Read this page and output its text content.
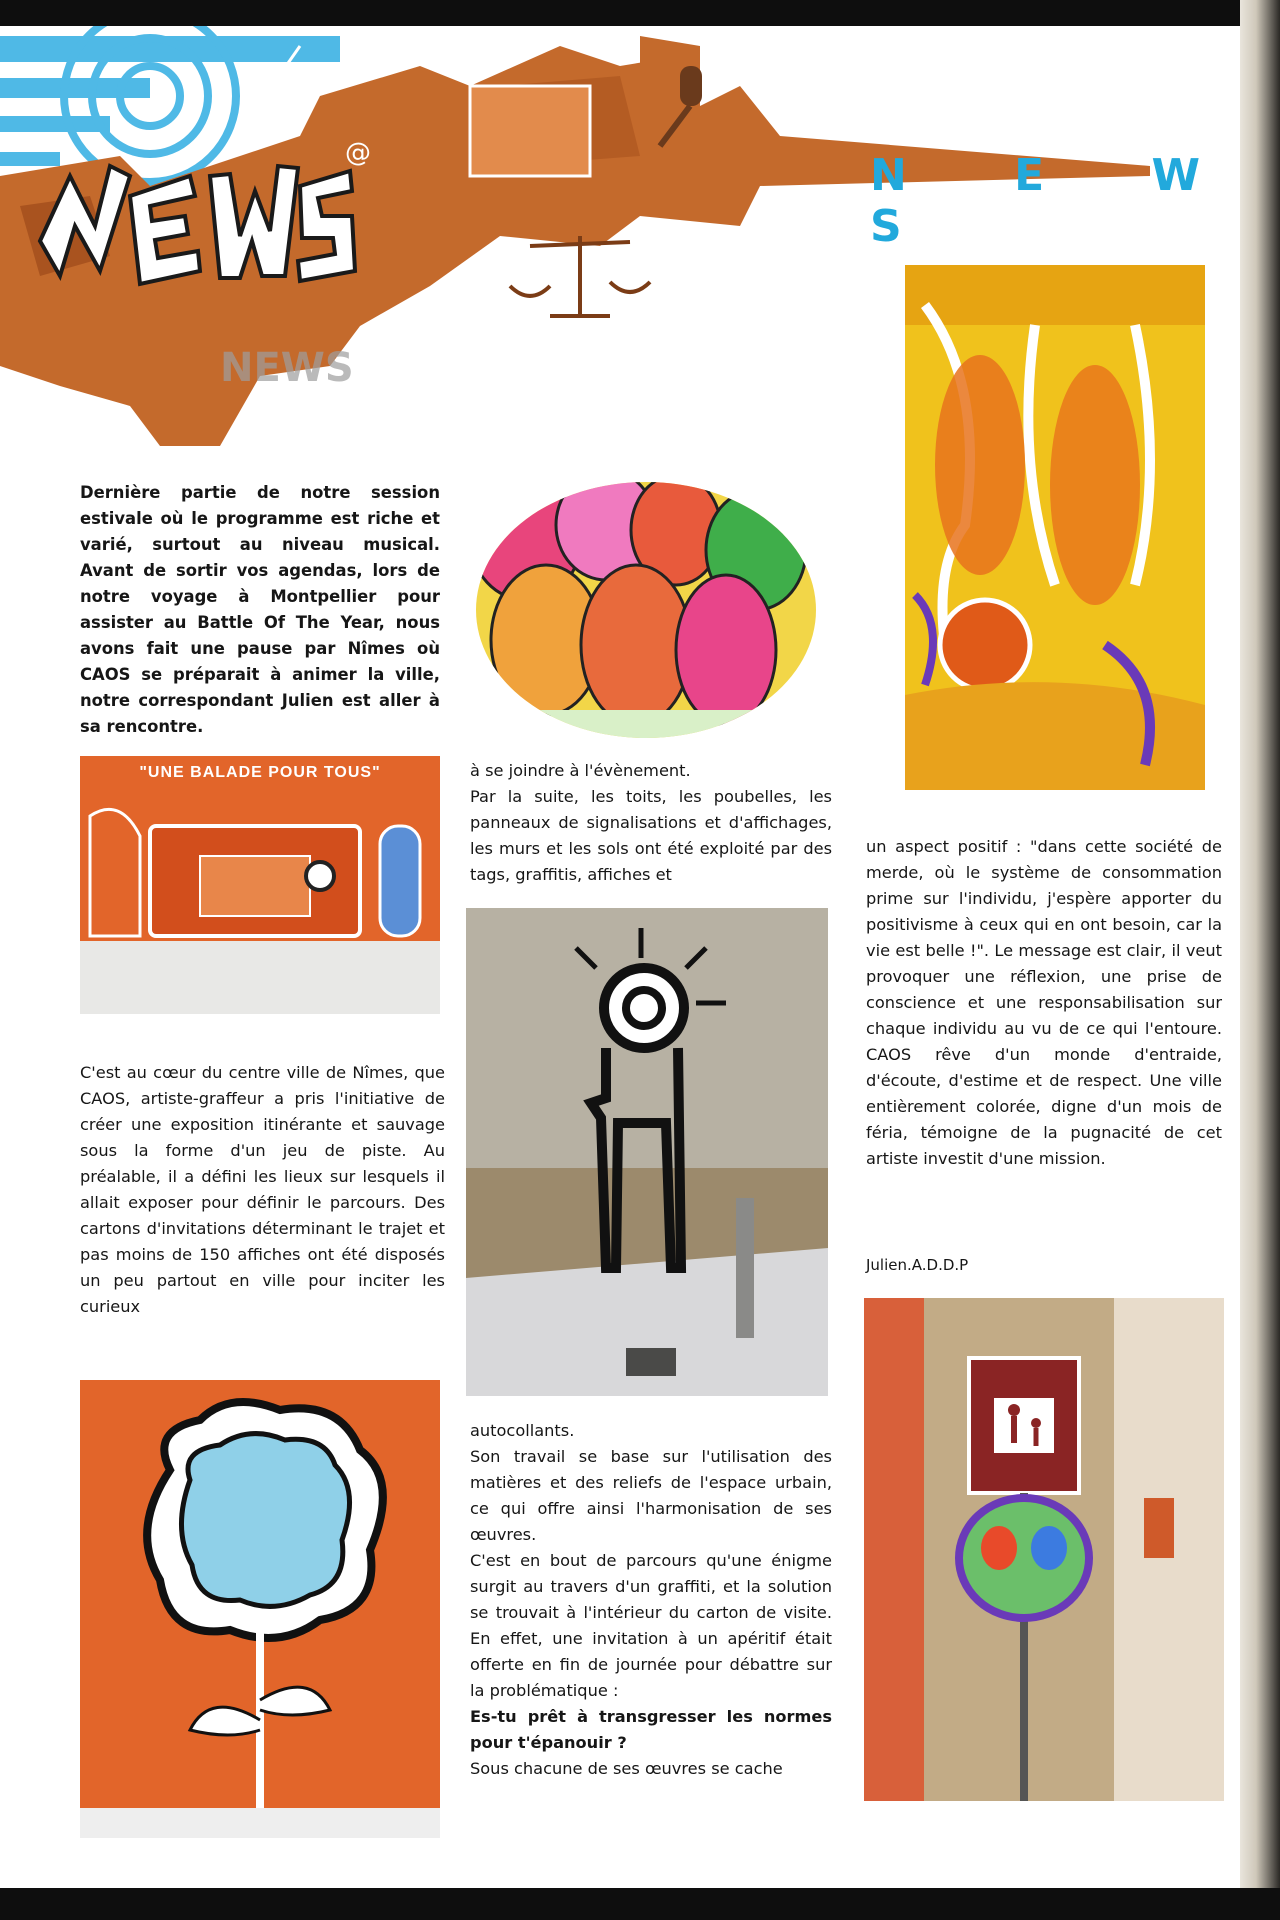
NEWS
@	N E W S
Dernière partie de notre session estivale où le programme est riche et varié, surtout au niveau musical. Avant de sortir vos agendas, lors de notre voyage à Montpellier pour assister au Battle Of The Year, nous avons fait une pause par Nîmes où CAOS se préparait à animer la ville, notre correspondant Julien est aller à sa rencontre.
"UNE BALADE POUR TOUS"
C'est au cœur du centre ville de Nîmes, que CAOS, artiste-graffeur a pris l'initiative de créer une exposition itinérante et sauvage sous la forme d'un jeu de piste. Au préalable, il a défini les lieux sur lesquels il allait exposer pour définir le parcours. Des cartons d'invitations déterminant le trajet et pas moins de 150 affiches ont été disposés un peu partout en ville pour inciter les curieux
à se joindre à l'évènement.
Par la suite, les toits, les poubelles, les panneaux de signalisations et d'affichages, les murs et les sols ont été exploité par des tags, graffitis, affiches et
autocollants.
Son travail se base sur l'utilisation des matières et des reliefs de l'espace urbain, ce qui offre ainsi l'harmonisation de ses œuvres.
C'est en bout de parcours qu'une énigme surgit au travers d'un graffiti, et la solution se trouvait à l'intérieur du carton de visite. En effet, une invitation à un apéritif était offerte en fin de journée pour débattre sur la problématique :
Es-tu prêt à transgresser les normes pour t'épanouir ?
Sous chacune de ses œuvres se cache
un aspect positif : "dans cette société de merde, où le système de consommation prime sur l'individu, j'espère apporter du positivisme à ceux qui en ont besoin, car la vie est belle !". Le message est clair, il veut provoquer une réflexion, une prise de conscience et une responsabilisation sur chaque individu au vu de ce qui l'entoure. CAOS rêve d'un monde d'entraide, d'écoute, d'estime et de respect. Une ville entièrement colorée, digne d'un mois de féria, témoigne de la pugnacité de cet artiste investit d'une mission.
Julien.A.D.D.P
